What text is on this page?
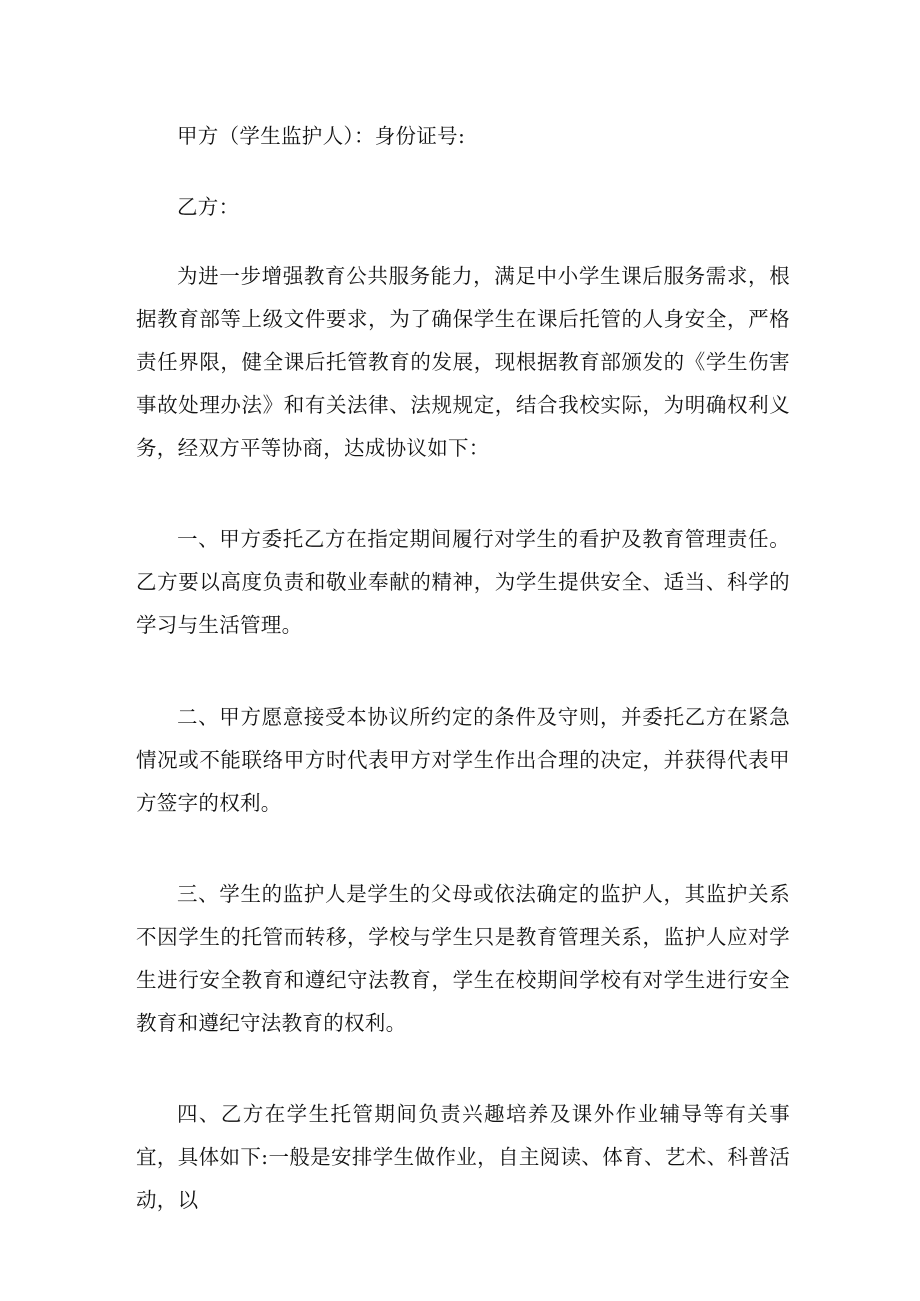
甲方（学生监护人）：身份证号:

乙方：

为进一步增强教育公共服务能力，满足中小学生课后服务需求，根据教育部等上级文件要求，为了确保学生在课后托管的人身安全，严格责任界限，健全课后托管教育的发展，现根据教育部颁发的《学生伤害事故处理办法》和有关法律、法规规定，结合我校实际，为明确权利义务，经双方平等协商，达成协议如下：

一、甲方委托乙方在指定期间履行对学生的看护及教育管理责任。乙方要以高度负责和敬业奉献的精神，为学生提供安全、适当、科学的学习与生活管理。

二、甲方愿意接受本协议所约定的条件及守则，并委托乙方在紧急情况或不能联络甲方时代表甲方对学生作出合理的决定，并获得代表甲方签字的权利。

三、学生的监护人是学生的父母或依法确定的监护人，其监护关系不因学生的托管而转移，学校与学生只是教育管理关系，监护人应对学生进行安全教育和遵纪守法教育，学生在校期间学校有对学生进行安全教育和遵纪守法教育的权利。

四、乙方在学生托管期间负责兴趣培养及课外作业辅导等有关事宜，具体如下:一般是安排学生做作业，自主阅读、体育、艺术、科普活动，以
